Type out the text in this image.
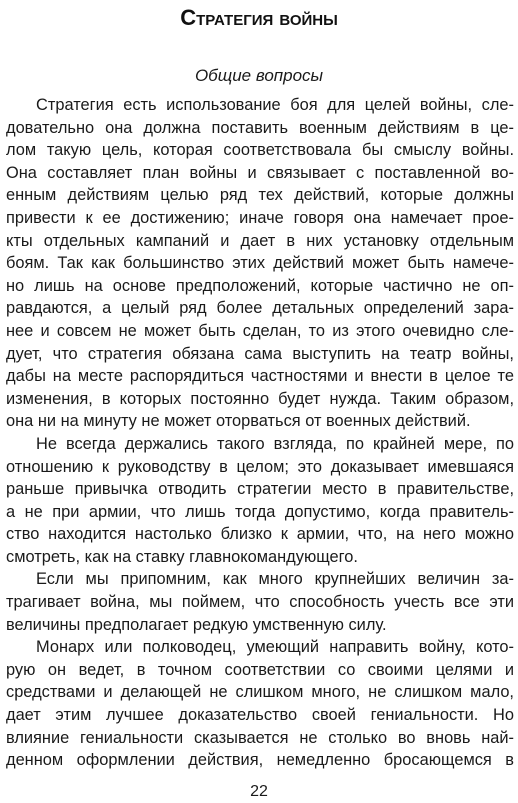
Стратегия войны
Общие вопросы
Стратегия есть использование боя для целей войны, сле-
довательно она должна поставить военным действиям в це-
лом такую цель, которая соответствовала бы смыслу войны.
Она составляет план войны и связывает с поставленной во-
енным действиям целью ряд тех действий, которые должны
привести к ее достижению; иначе говоря она намечает прое-
кты отдельных кампаний и дает в них установку отдельным
боям. Так как большинство этих действий может быть намече-
но лишь на основе предположений, которые частично не оп-
равдаются, а целый ряд более детальных определений зара-
нее и совсем не может быть сделан, то из этого очевидно сле-
дует, что стратегия обязана сама выступить на театр войны,
дабы на месте распорядиться частностями и внести в целое те
изменения, в которых постоянно будет нужда. Таким образом,
она ни на минуту не может оторваться от военных действий.
Не всегда держались такого взгляда, по крайней мере, по
отношению к руководству в целом; это доказывает имевшаяся
раньше привычка отводить стратегии место в правительстве,
а не при армии, что лишь тогда допустимо, когда правитель-
ство находится настолько близко к армии, что, на него можно
смотреть, как на ставку главнокомандующего.
Если мы припомним, как много крупнейших величин за-
трагивает война, мы поймем, что способность учесть все эти
величины предполагает редкую умственную силу.
Монарх или полководец, умеющий направить войну, кото-
рую он ведет, в точном соответствии со своими целями и
средствами и делающей не слишком много, не слишком мало,
дает этим лучшее доказательство своей гениальности. Но
влияние гениальности сказывается не столько во вновь най-
денном оформлении действия, немедленно бросающемся в
22
